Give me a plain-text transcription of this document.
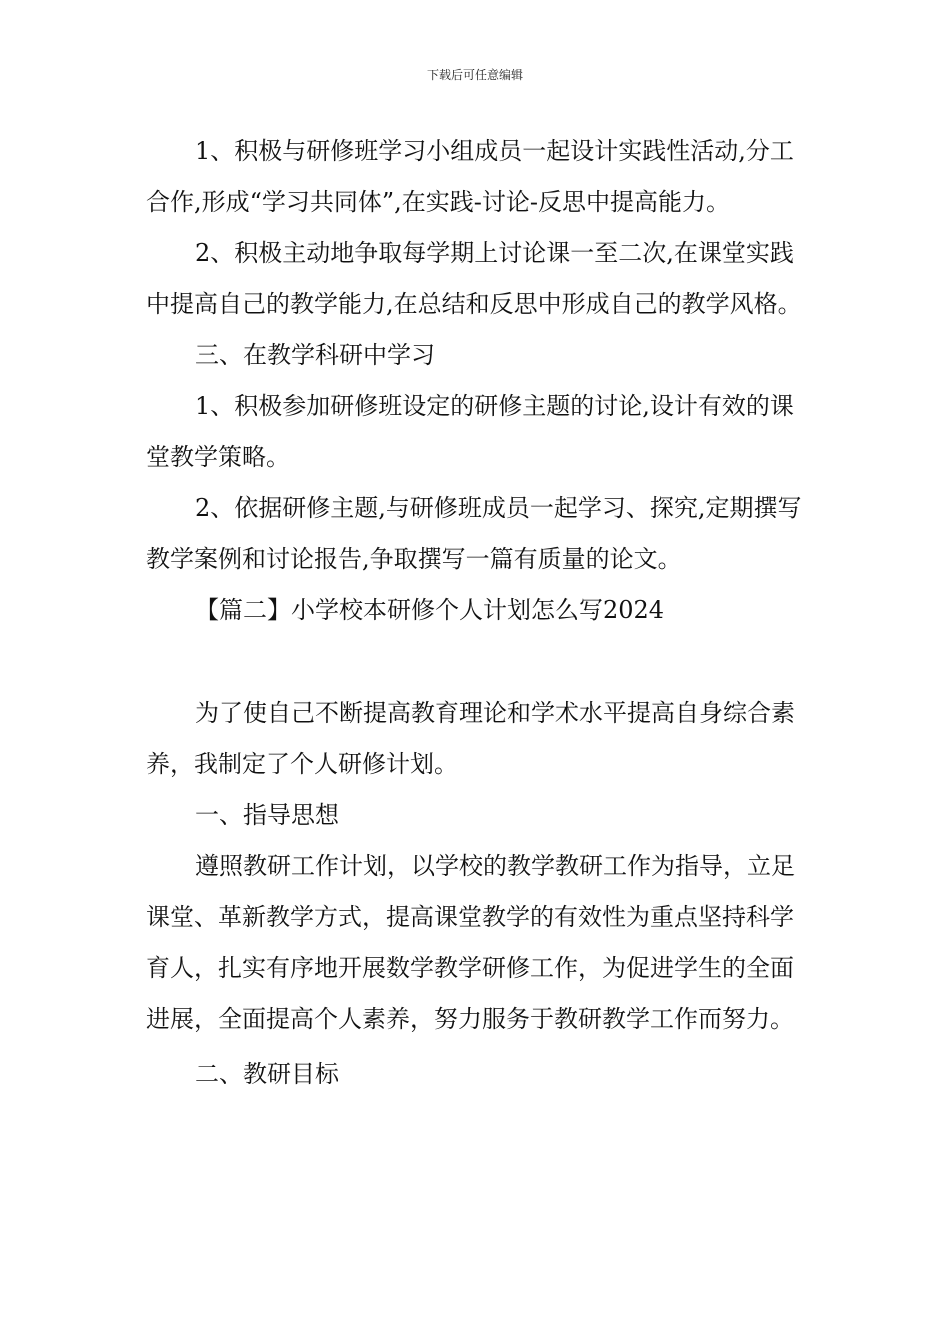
下载后可任意编辑

1、积极与研修班学习小组成员一起设计实践性活动,分工合作,形成“学习共同体”,在实践-讨论-反思中提高能力。

2、积极主动地争取每学期上讨论课一至二次,在课堂实践中提高自己的教学能力,在总结和反思中形成自己的教学风格。

三、在教学科研中学习

1、积极参加研修班设定的研修主题的讨论,设计有效的课堂教学策略。

2、依据研修主题,与研修班成员一起学习、探究,定期撰写教学案例和讨论报告,争取撰写一篇有质量的论文。

【篇二】小学校本研修个人计划怎么写2024

为了使自己不断提高教育理论和学术水平提高自身综合素养，我制定了个人研修计划。

一、指导思想

遵照教研工作计划，以学校的教学教研工作为指导，立足课堂、革新教学方式，提高课堂教学的有效性为重点坚持科学育人，扎实有序地开展数学教学研修工作，为促进学生的全面进展，全面提高个人素养，努力服务于教研教学工作而努力。

二、教研目标
